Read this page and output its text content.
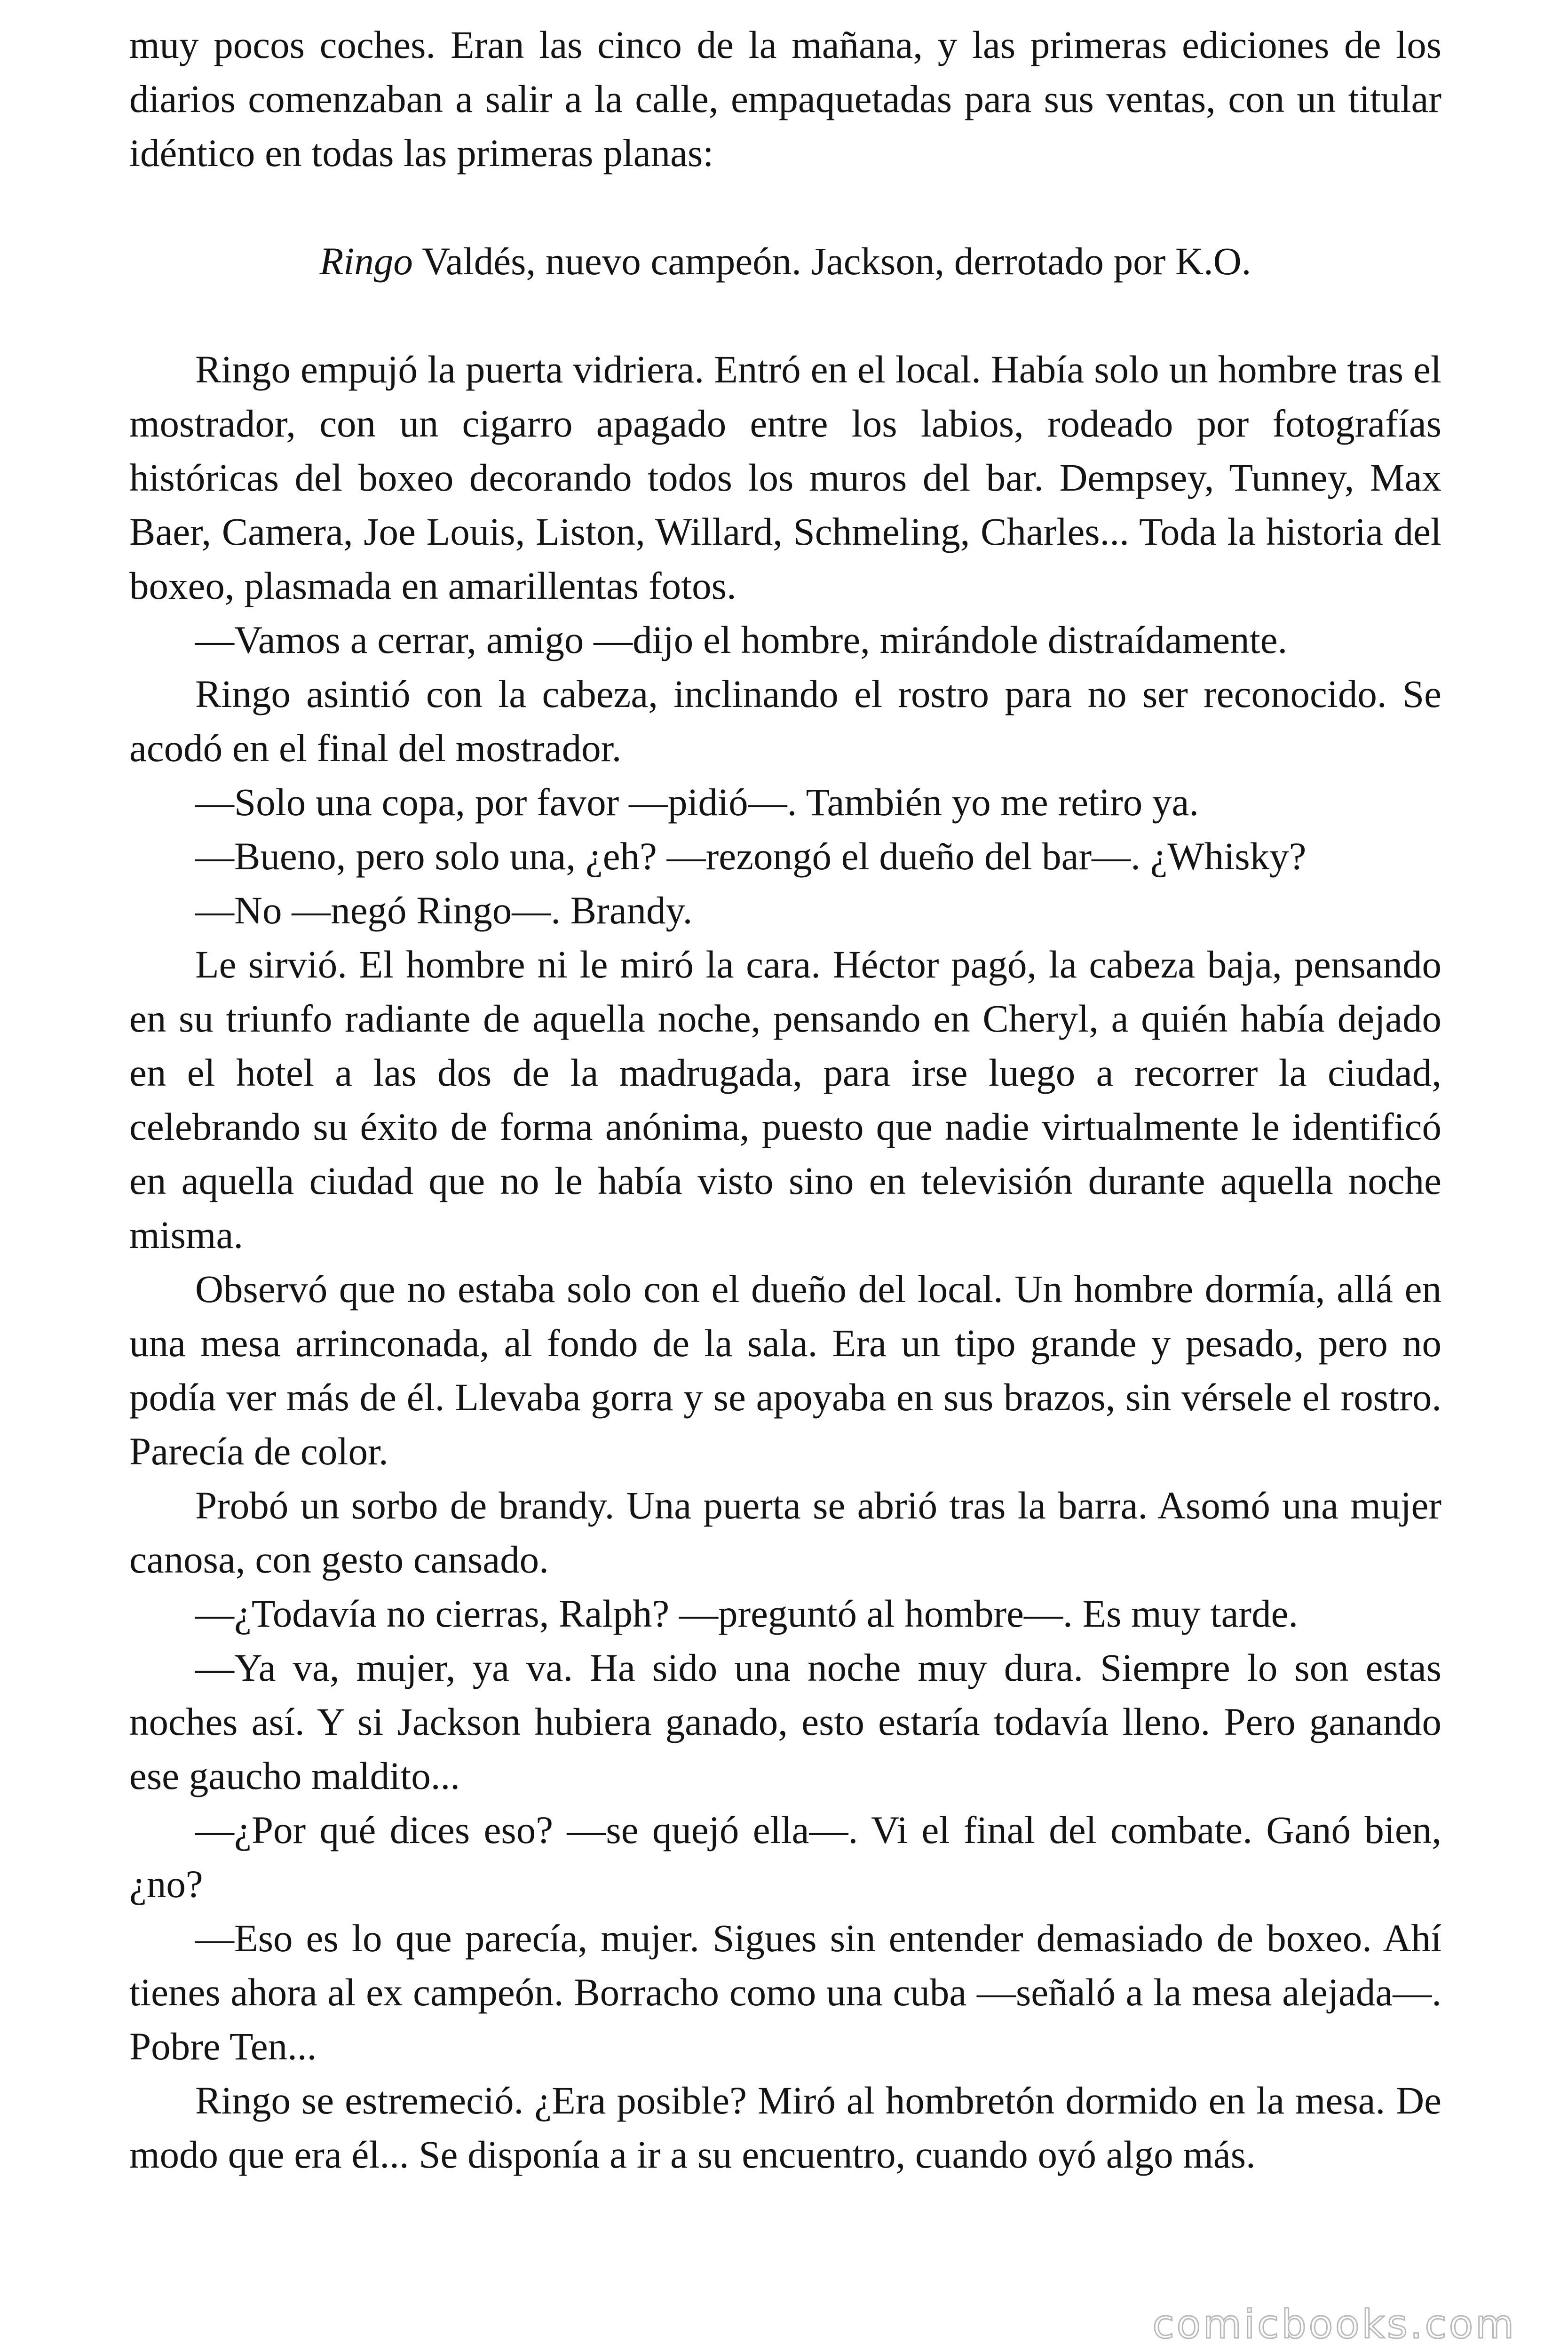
muy pocos coches. Eran las cinco de la mañana, y las primeras ediciones de los diarios comenzaban a salir a la calle, empaquetadas para sus ventas, con un titular idéntico en todas las primeras planas:

Ringo Valdés, nuevo campeón. Jackson, derrotado por K.O.

Ringo empujó la puerta vidriera. Entró en el local. Había solo un hombre tras el mostrador, con un cigarro apagado entre los labios, rodeado por fotografías históricas del boxeo decorando todos los muros del bar. Dempsey, Tunney, Max Baer, Camera, Joe Louis, Liston, Willard, Schmeling, Charles... Toda la historia del boxeo, plasmada en amarillentas fotos.

—Vamos a cerrar, amigo —dijo el hombre, mirándole distraídamente.

Ringo asintió con la cabeza, inclinando el rostro para no ser reconocido. Se acodó en el final del mostrador.

—Solo una copa, por favor —pidió—. También yo me retiro ya.

—Bueno, pero solo una, ¿eh? —rezongó el dueño del bar—. ¿Whisky?

—No —negó Ringo—. Brandy.

Le sirvió. El hombre ni le miró la cara. Héctor pagó, la cabeza baja, pensando en su triunfo radiante de aquella noche, pensando en Cheryl, a quién había dejado en el hotel a las dos de la madrugada, para irse luego a recorrer la ciudad, celebrando su éxito de forma anónima, puesto que nadie virtualmente le identificó en aquella ciudad que no le había visto sino en televisión durante aquella noche misma.

Observó que no estaba solo con el dueño del local. Un hombre dormía, allá en una mesa arrinconada, al fondo de la sala. Era un tipo grande y pesado, pero no podía ver más de él. Llevaba gorra y se apoyaba en sus brazos, sin vérsele el rostro. Parecía de color.

Probó un sorbo de brandy. Una puerta se abrió tras la barra. Asomó una mujer canosa, con gesto cansado.

—¿Todavía no cierras, Ralph? —preguntó al hombre—. Es muy tarde.

—Ya va, mujer, ya va. Ha sido una noche muy dura. Siempre lo son estas noches así. Y si Jackson hubiera ganado, esto estaría todavía lleno. Pero ganando ese gaucho maldito...

—¿Por qué dices eso? —se quejó ella—. Vi el final del combate. Ganó bien, ¿no?

—Eso es lo que parecía, mujer. Sigues sin entender demasiado de boxeo. Ahí tienes ahora al ex campeón. Borracho como una cuba —señaló a la mesa alejada—. Pobre Ten...

Ringo se estremeció. ¿Era posible? Miró al hombretón dormido en la mesa. De modo que era él... Se disponía a ir a su encuentro, cuando oyó algo más.

comicbooks.com
